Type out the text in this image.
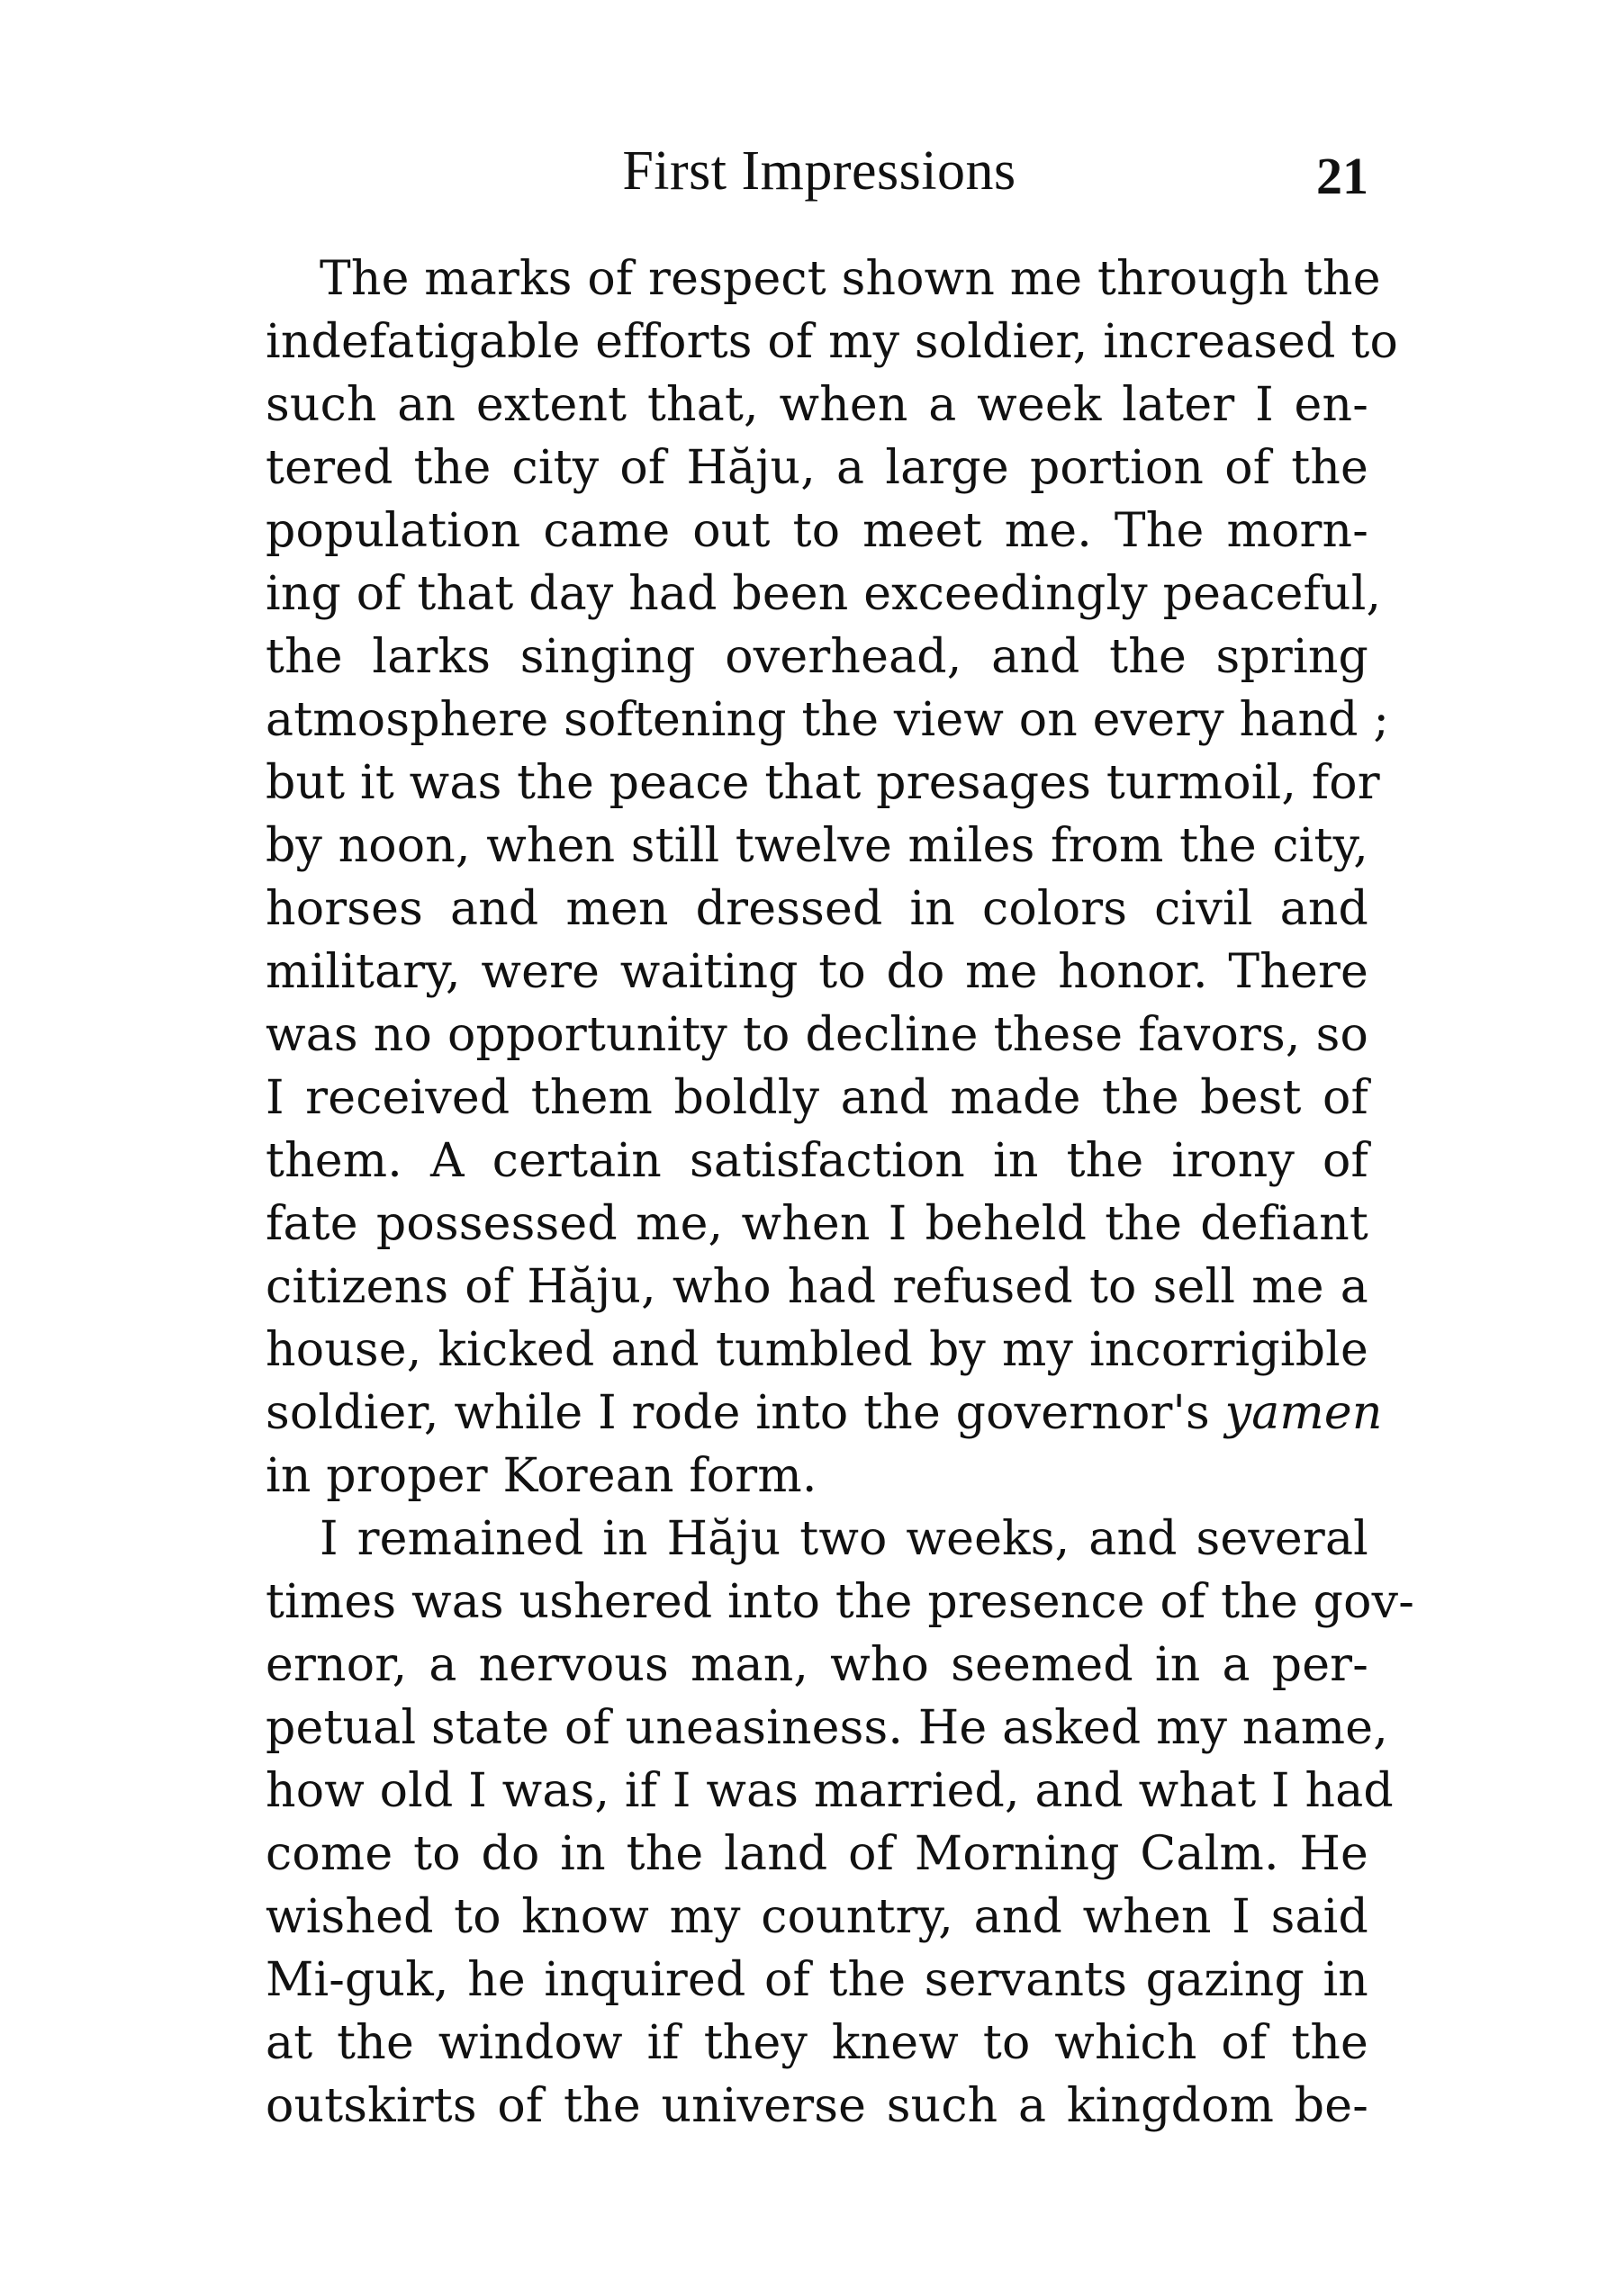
First Impressions	21
The marks of respect shown me through the
indefatigable efforts of my soldier, increased to
such an extent that, when a week later I en-
tered the city of Hăju, a large portion of the
population came out to meet me. The morn-
ing of that day had been exceedingly peaceful,
the larks singing overhead, and the spring
atmosphere softening the view on every hand ;
but it was the peace that presages turmoil, for
by noon, when still twelve miles from the city,
horses and men dressed in colors civil and
military, were waiting to do me honor. There
was no opportunity to decline these favors, so
I received them boldly and made the best of
them. A certain satisfaction in the irony of
fate possessed me, when I beheld the defiant
citizens of Hăju, who had refused to sell me a
house, kicked and tumbled by my incorrigible
soldier, while I rode into the governor's yamen
in proper Korean form.
I remained in Hăju two weeks, and several
times was ushered into the presence of the gov-
ernor, a nervous man, who seemed in a per-
petual state of uneasiness. He asked my name,
how old I was, if I was married, and what I had
come to do in the land of Morning Calm. He
wished to know my country, and when I said
Mi-guk, he inquired of the servants gazing in
at the window if they knew to which of the
outskirts of the universe such a kingdom be-
